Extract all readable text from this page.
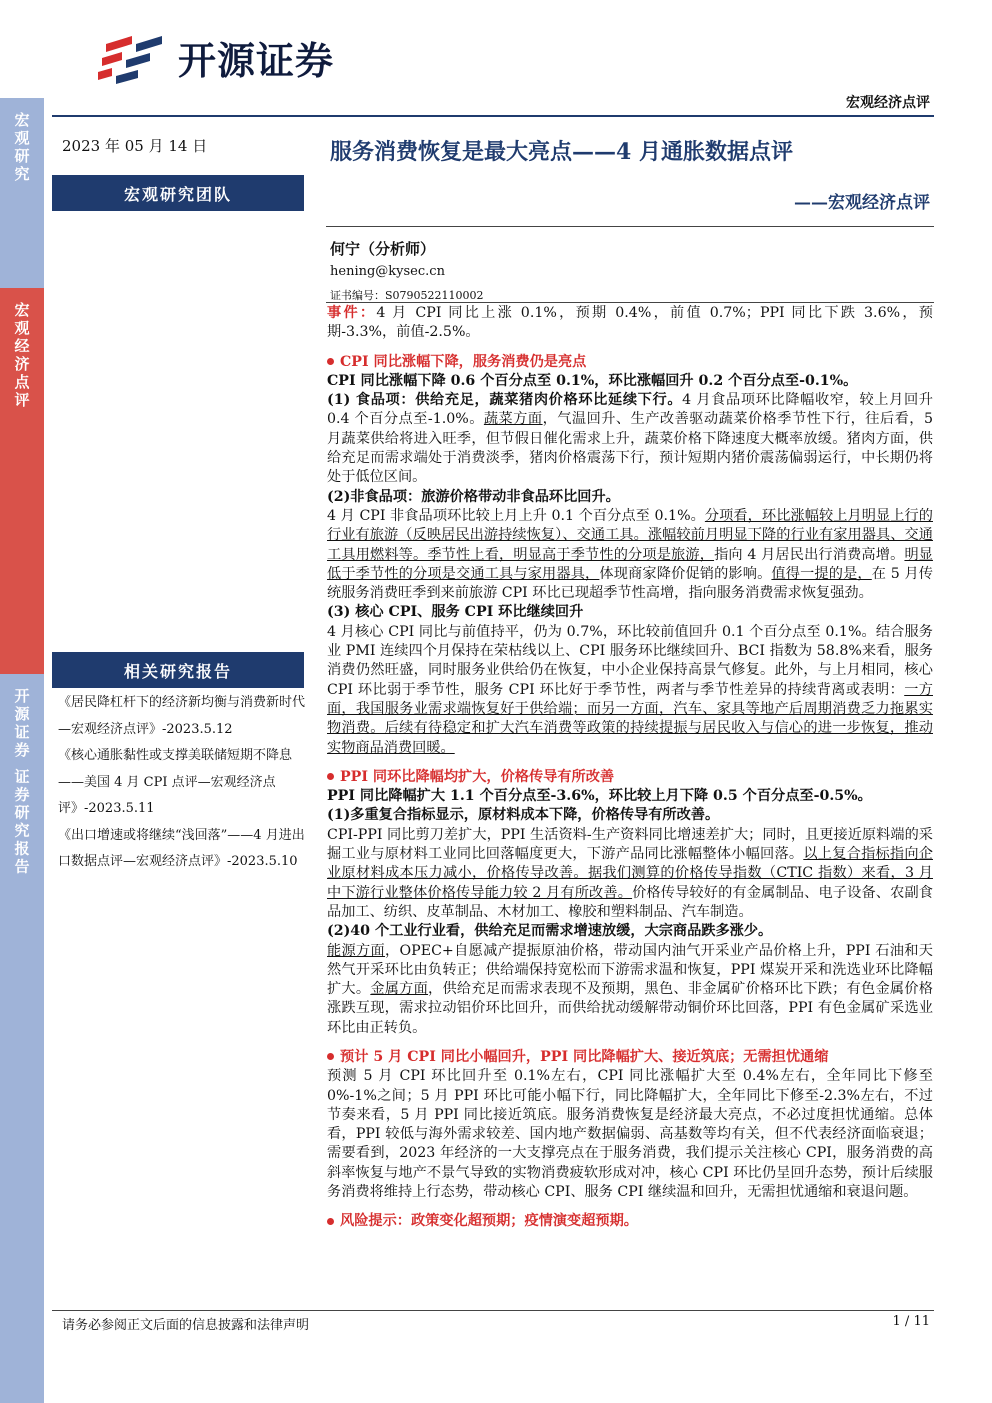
宏观研究
宏观经济点评
开源证券 证券研究报告
开源证券
宏观经济点评
2023 年 05 月 14 日
宏观研究团队
相关研究报告
《居民降杠杆下的经济新均衡与消费新时代—宏观经济点评》-2023.5.12
《核心通胀黏性或支撑美联储短期不降息——美国 4 月 CPI 点评—宏观经济点评》-2023.5.11
《出口增速或将继续“浅回落”——4 月进出口数据点评—宏观经济点评》-2023.5.10
服务消费恢复是最大亮点——4 月通胀数据点评
——宏观经济点评
何宁（分析师）
hening@kysec.cn
证书编号：S0790522110002

事件：4 月 CPI 同比上涨 0.1%，预期 0.4%，前值 0.7%；PPI 同比下跌 3.6%，预期-3.3%，前值-2.5%。

CPI 同比涨幅下降，服务消费仍是亮点

CPI 同比涨幅下降 0.6 个百分点至 0.1%，环比涨幅回升 0.2 个百分点至-0.1%。

(1) 食品项：供给充足，蔬菜猪肉价格环比延续下行。4 月食品项环比降幅收窄，较上月回升 0.4 个百分点至-1.0%。蔬菜方面，气温回升、生产改善驱动蔬菜价格季节性下行，往后看，5 月蔬菜供给将进入旺季，但节假日催化需求上升，蔬菜价格下降速度大概率放缓。猪肉方面，供给充足而需求端处于消费淡季，猪肉价格震荡下行，预计短期内猪价震荡偏弱运行，中长期仍将处于低位区间。

(2)非食品项：旅游价格带动非食品环比回升。

4 月 CPI 非食品项环比较上月上升 0.1 个百分点至 0.1%。分项看，环比涨幅较上月明显上行的行业有旅游（反映居民出游持续恢复）、交通工具。涨幅较前月明显下降的行业有家用器具、交通工具用燃料等。季节性上看，明显高于季节性的分项是旅游，指向 4 月居民出行消费高增。明显低于季节性的分项是交通工具与家用器具，体现商家降价促销的影响。值得一提的是，在 5 月传统服务消费旺季到来前旅游 CPI 环比已现超季节性高增，指向服务消费需求恢复强劲。

(3) 核心 CPI、服务 CPI 环比继续回升

4 月核心 CPI 同比与前值持平，仍为 0.7%，环比较前值回升 0.1 个百分点至 0.1%。结合服务业 PMI 连续四个月保持在荣枯线以上、CPI 服务环比继续回升、BCI 指数为 58.8%来看，服务消费仍然旺盛，同时服务业供给仍在恢复，中小企业保持高景气修复。此外，与上月相同，核心 CPI 环比弱于季节性，服务 CPI 环比好于季节性，两者与季节性差异的持续背离或表明：一方面，我国服务业需求端恢复好于供给端；而另一方面，汽车、家具等地产后周期消费乏力拖累实物消费。后续有待稳定和扩大汽车消费等政策的持续提振与居民收入与信心的进一步恢复，推动实物商品消费回暖。

PPI 同环比降幅均扩大，价格传导有所改善

PPI 同比降幅扩大 1.1 个百分点至-3.6%，环比较上月下降 0.5 个百分点至-0.5%。

(1)多重复合指标显示，原材料成本下降，价格传导有所改善。

CPI-PPI 同比剪刀差扩大，PPI 生活资料-生产资料同比增速差扩大；同时，且更接近原料端的采掘工业与原材料工业同比回落幅度更大，下游产品同比涨幅整体小幅回落。以上复合指标指向企业原材料成本压力减小，价格传导改善。据我们测算的价格传导指数（CTIC 指数）来看，3 月中下游行业整体价格传导能力较 2 月有所改善。价格传导较好的有金属制品、电子设备、农副食品加工、纺织、皮革制品、木材加工、橡胶和塑料制品、汽车制造。

(2)40 个工业行业看，供给充足而需求增速放缓，大宗商品跌多涨少。

能源方面，OPEC+自愿减产提振原油价格，带动国内油气开采业产品价格上升，PPI 石油和天然气开采环比由负转正；供给端保持宽松而下游需求温和恢复，PPI 煤炭开采和洗选业环比降幅扩大。金属方面，供给充足而需求表现不及预期，黑色、非金属矿价格环比下跌；有色金属价格涨跌互现，需求拉动铝价环比回升，而供给扰动缓解带动铜价环比回落，PPI 有色金属矿采选业环比由正转负。

预计 5 月 CPI 同比小幅回升，PPI 同比降幅扩大、接近筑底；无需担忧通缩

预测 5 月 CPI 环比回升至 0.1%左右，CPI 同比涨幅扩大至 0.4%左右，全年同比下修至 0%-1%之间；5 月 PPI 环比可能小幅下行，同比降幅扩大，全年同比下修至-2.3%左右，不过节奏来看，5 月 PPI 同比接近筑底。服务消费恢复是经济最大亮点，不必过度担忧通缩。总体看，PPI 较低与海外需求较差、国内地产数据偏弱、高基数等均有关，但不代表经济面临衰退；需要看到，2023 年经济的一大支撑亮点在于服务消费，我们提示关注核心 CPI，服务消费的高斜率恢复与地产不景气导致的实物消费疲软形成对冲，核心 CPI 环比仍呈回升态势，预计后续服务消费将维持上行态势，带动核心 CPI、服务 CPI 继续温和回升，无需担忧通缩和衰退问题。

风险提示：政策变化超预期；疫情演变超预期。
请务必参阅正文后面的信息披露和法律声明	1 / 11
